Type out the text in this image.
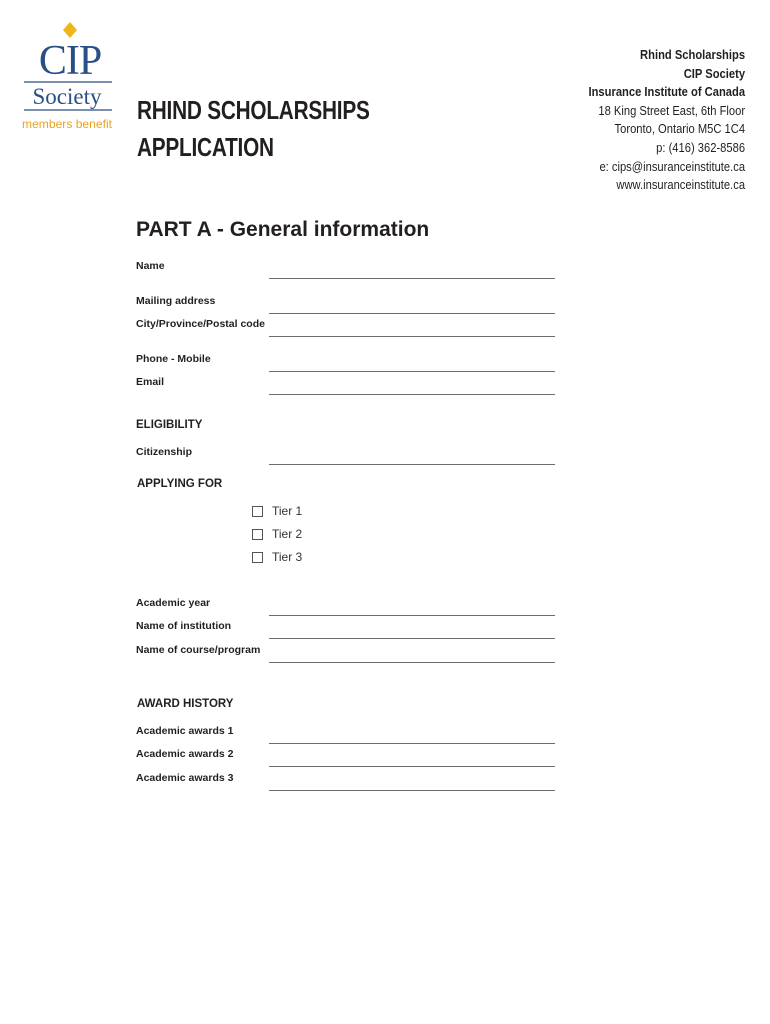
CIP
Society
members benefit RHIND SCHOLARSHIPS
APPLICATION
Rhind Scholarships
CIP Society
Insurance Institute of Canada
18 King Street East, 6th Floor
Toronto, Ontario M5C 1C4
p: (416) 362-8586
e: cips@insuranceinstitute.ca
www.insuranceinstitute.ca
PART A - General information
Name
Mailing address
City/Province/Postal code
Phone - Mobile
Email
ELIGIBILITY
Citizenship
APPLYING FOR
Tier 1
Tier 2
Tier 3
Academic year
Name of institution
Name of course/program
AWARD HISTORY
Academic awards 1
Academic awards 2
Academic awards 3
